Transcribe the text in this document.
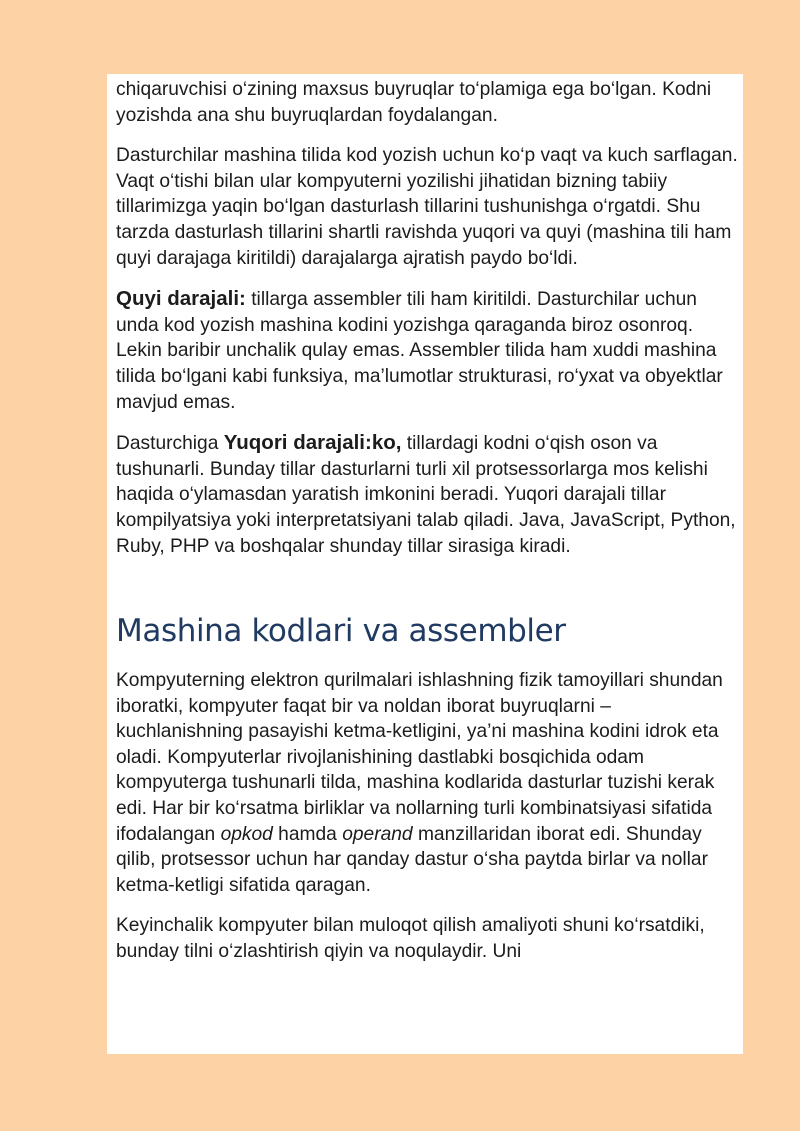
chiqaruvchisi o‘zining maxsus buyruqlar to‘plamiga ega bo‘lgan. Kodni yozishda ana shu buyruqlardan foydalangan.

Dasturchilar mashina tilida kod yozish uchun ko‘p vaqt va kuch sarflagan. Vaqt o‘tishi bilan ular kompyuterni yozilishi jihatidan bizning tabiiy tillarimizga yaqin bo‘lgan dasturlash tillarini tushunishga o‘rgatdi. Shu tarzda dasturlash tillarini shartli ravishda yuqori va quyi (mashina tili ham quyi darajaga kiritildi) darajalarga ajratish paydo bo‘ldi.

Quyi darajali: tillarga assembler tili ham kiritildi. Dasturchilar uchun unda kod yozish mashina kodini yozishga qaraganda biroz osonroq. Lekin baribir unchalik qulay emas. Assembler tilida ham xuddi mashina tilida bo‘lgani kabi funksiya, ma’lumotlar strukturasi, ro‘yxat va obyektlar mavjud emas.

Dasturchiga Yuqori darajali:ko, tillardagi kodni o‘qish oson va tushunarli. Bunday tillar dasturlarni turli xil protsessorlarga mos kelishi haqida o‘ylamasdan yaratish imkonini beradi. Yuqori darajali tillar kompilyatsiya yoki interpretatsiyani talab qiladi. Java, JavaScript, Python, Ruby, PHP va boshqalar shunday tillar sirasiga kiradi.

Mashina kodlari va assembler

Kompyuterning elektron qurilmalari ishlashning fizik tamoyillari shundan iboratki, kompyuter faqat bir va noldan iborat buyruqlarni – kuchlanishning pasayishi ketma-ketligini, ya’ni mashina kodini idrok eta oladi. Kompyuterlar rivojlanishining dastlabki bosqichida odam kompyuterga tushunarli tilda, mashina kodlarida dasturlar tuzishi kerak edi. Har bir ko‘rsatma birliklar va nollarning turli kombinatsiyasi sifatida
ifodalangan opkod hamda operand manzillaridan iborat edi. Shunday qilib, protsessor uchun har qanday dastur o‘sha paytda birlar va nollar ketma-ketligi sifatida qaragan.

Keyinchalik kompyuter bilan muloqot qilish amaliyoti shuni ko‘rsatdiki, bunday tilni o‘zlashtirish qiyin va noqulaydir. Uni
